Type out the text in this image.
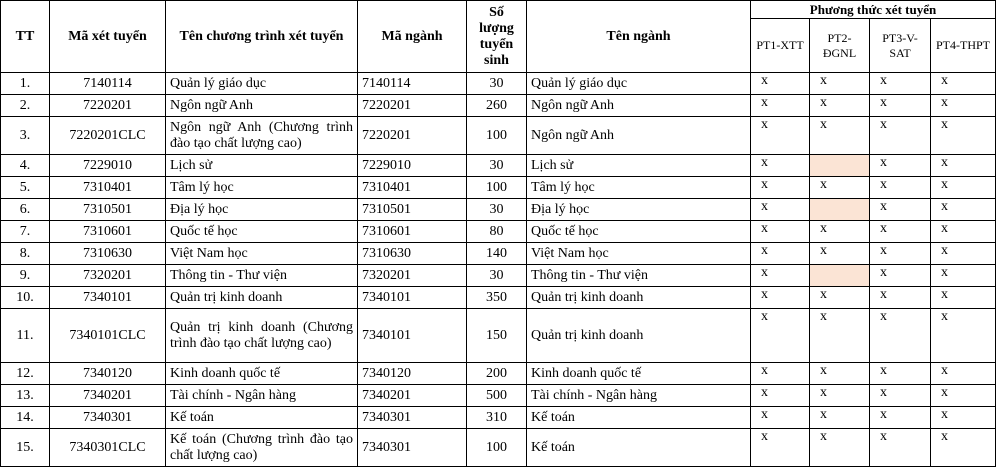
TT	Mã xét tuyển	Tên chương trình xét tuyển	Mã ngành	Số lượng tuyển sinh	Tên ngành	Phương thức xét tuyển			
						PT1-XTT	PT2-ĐGNL	PT3-V-SAT	PT4-THPT
1.	7140114	Quản lý giáo dục	7140114	30	Quản lý giáo dục	x	x	x	x
2.	7220201	Ngôn ngữ Anh	7220201	260	Ngôn ngữ Anh	x	x	x	x
3.	7220201CLC	Ngôn ngữ Anh (Chương trình đào tạo chất lượng cao)	7220201	100	Ngôn ngữ Anh	x	x	x	x
4.	7229010	Lịch sử	7229010	30	Lịch sử	x		x	x
5.	7310401	Tâm lý học	7310401	100	Tâm lý học	x	x	x	x
6.	7310501	Địa lý học	7310501	30	Địa lý học	x		x	x
7.	7310601	Quốc tế học	7310601	80	Quốc tế học	x	x	x	x
8.	7310630	Việt Nam học	7310630	140	Việt Nam học	x	x	x	x
9.	7320201	Thông tin - Thư viện	7320201	30	Thông tin - Thư viện	x		x	x
10.	7340101	Quản trị kinh doanh	7340101	350	Quản trị kinh doanh	x	x	x	x
11.	7340101CLC	Quản trị kinh doanh (Chương trình đào tạo chất lượng cao)	7340101	150	Quản trị kinh doanh	x	x	x	x
12.	7340120	Kinh doanh quốc tế	7340120	200	Kinh doanh quốc tế	x	x	x	x
13.	7340201	Tài chính - Ngân hàng	7340201	500	Tài chính - Ngân hàng	x	x	x	x
14.	7340301	Kế toán	7340301	310	Kế toán	x	x	x	x
15.	7340301CLC	Kế toán (Chương trình đào tạo chất lượng cao)	7340301	100	Kế toán	x	x	x	x
